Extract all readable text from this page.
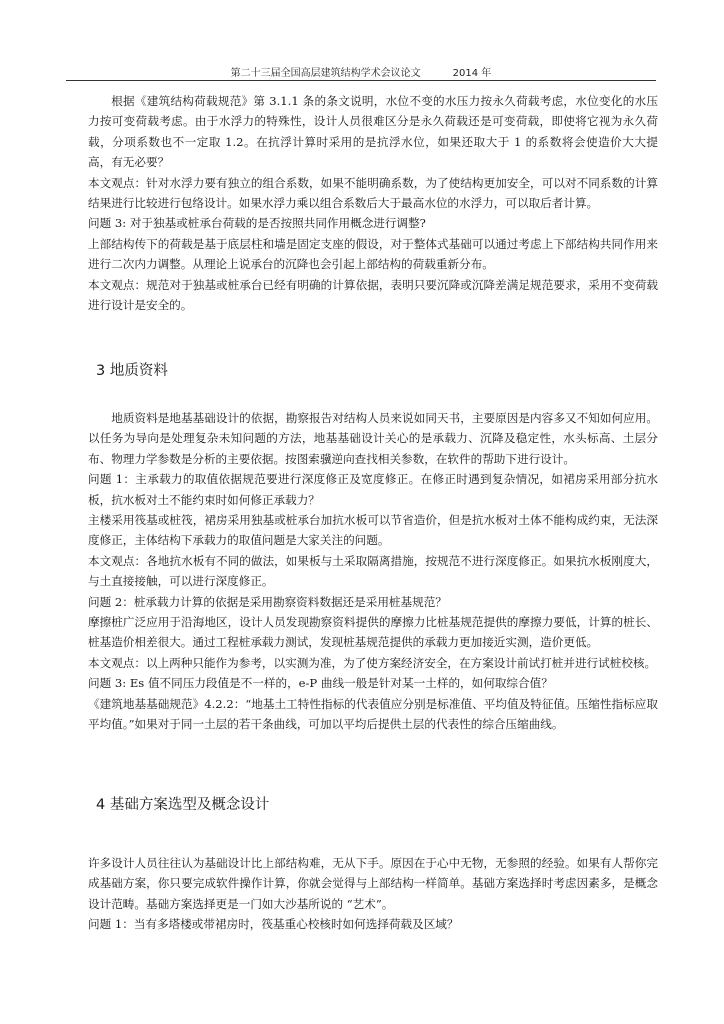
第二十三届全国高层建筑结构学术会议论文	2014 年

根据《建筑结构荷载规范》第 3.1.1 条的条文说明，水位不变的水压力按永久荷载考虑，水位变化的水压力按可变荷载考虑。由于水浮力的特殊性，设计人员很难区分是永久荷载还是可变荷载，即使将它视为永久荷载，分项系数也不一定取 1.2。在抗浮计算时采用的是抗浮水位，如果还取大于 1 的系数将会使造价大大提高，有无必要？

本文观点：针对水浮力要有独立的组合系数，如果不能明确系数，为了使结构更加安全，可以对不同系数的计算结果进行比较进行包络设计。如果水浮力乘以组合系数后大于最高水位的水浮力，可以取后者计算。

问题 3: 对于独基或桩承台荷载的是否按照共同作用概念进行调整?

上部结构传下的荷载是基于底层柱和墙是固定支座的假设，对于整体式基础可以通过考虑上下部结构共同作用来进行二次内力调整。从理论上说承台的沉降也会引起上部结构的荷载重新分布。

本文观点：规范对于独基或桩承台已经有明确的计算依据，表明只要沉降或沉降差满足规范要求，采用不变荷载进行设计是安全的。

3 地质资料

地质资料是地基基础设计的依据，勘察报告对结构人员来说如同天书，主要原因是内容多又不知如何应用。以任务为导向是处理复杂未知问题的方法，地基基础设计关心的是承载力、沉降及稳定性，水头标高、土层分布、物理力学参数是分析的主要依据。按图索骥逆向查找相关参数，在软件的帮助下进行设计。

问题 1：主承载力的取值依据规范要进行深度修正及宽度修正。在修正时遇到复杂情况，如裙房采用部分抗水板，抗水板对土不能约束时如何修正承载力？

主楼采用筏基或桩筏，裙房采用独基或桩承台加抗水板可以节省造价，但是抗水板对土体不能构成约束，无法深度修正，主体结构下承载力的取值问题是大家关注的问题。

本文观点：各地抗水板有不同的做法，如果板与土采取隔离措施，按规范不进行深度修正。如果抗水板刚度大，与土直接接触，可以进行深度修正。

问题 2：桩承载力计算的依据是采用勘察资料数据还是采用桩基规范？

摩擦桩广泛应用于沿海地区，设计人员发现勘察资料提供的摩擦力比桩基规范提供的摩擦力要低，计算的桩长、桩基造价相差很大。通过工程桩承载力测试，发现桩基规范提供的承载力更加接近实测，造价更低。

本文观点：以上两种只能作为参考，以实测为准，为了使方案经济安全，在方案设计前试打桩并进行试桩校核。

问题 3: Es 值不同压力段值是不一样的，e-P 曲线一般是针对某一土样的，如何取综合值？

《建筑地基基础规范》4.2.2：“地基土工特性指标的代表值应分别是标准值、平均值及特征值。压缩性指标应取平均值。”如果对于同一土层的若干条曲线，可加以平均后提供土层的代表性的综合压缩曲线。

4 基础方案选型及概念设计

许多设计人员往往认为基础设计比上部结构难，无从下手。原因在于心中无物，无参照的经验。如果有人帮你完成基础方案，你只要完成软件操作计算，你就会觉得与上部结构一样简单。基础方案选择时考虑因素多，是概念设计范畴。基础方案选择更是一门如大沙基所说的 “艺术”。

问题 1：当有多塔楼或带裙房时，筏基重心校核时如何选择荷载及区域？
